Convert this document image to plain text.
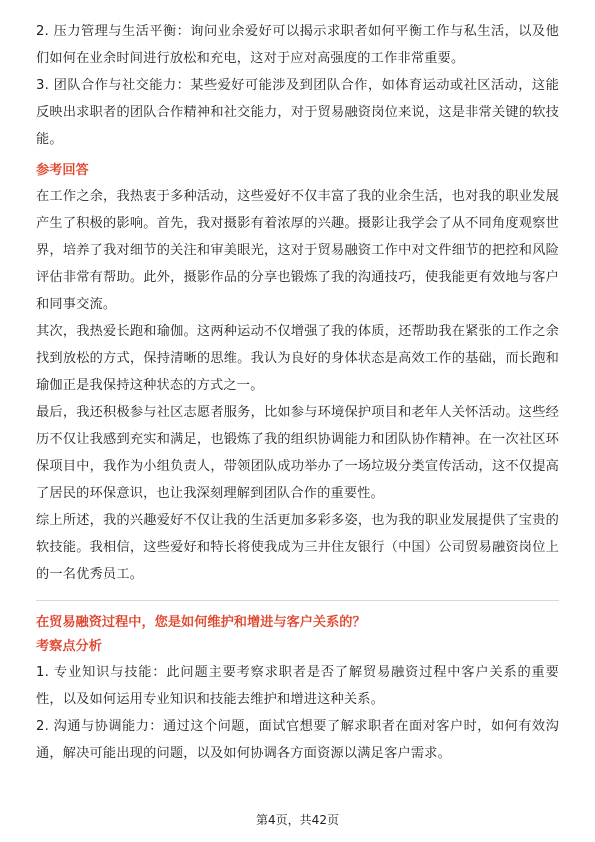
2. 压力管理与生活平衡：询问业余爱好可以揭示求职者如何平衡工作与私生活，以及他们如何在业余时间进行放松和充电，这对于应对高强度的工作非常重要。

3. 团队合作与社交能力：某些爱好可能涉及到团队合作，如体育运动或社区活动，这能反映出求职者的团队合作精神和社交能力，对于贸易融资岗位来说，这是非常关键的软技能。

参考回答

在工作之余，我热衷于多种活动，这些爱好不仅丰富了我的业余生活，也对我的职业发展产生了积极的影响。首先，我对摄影有着浓厚的兴趣。摄影让我学会了从不同角度观察世界，培养了我对细节的关注和审美眼光，这对于贸易融资工作中对文件细节的把控和风险评估非常有帮助。此外，摄影作品的分享也锻炼了我的沟通技巧，使我能更有效地与客户和同事交流。

其次，我热爱长跑和瑜伽。这两种运动不仅增强了我的体质，还帮助我在紧张的工作之余找到放松的方式，保持清晰的思维。我认为良好的身体状态是高效工作的基础，而长跑和瑜伽正是我保持这种状态的方式之一。

最后，我还积极参与社区志愿者服务，比如参与环境保护项目和老年人关怀活动。这些经历不仅让我感到充实和满足，也锻炼了我的组织协调能力和团队协作精神。在一次社区环保项目中，我作为小组负责人，带领团队成功举办了一场垃圾分类宣传活动，这不仅提高了居民的环保意识，也让我深刻理解到团队合作的重要性。

综上所述，我的兴趣爱好不仅让我的生活更加多彩多姿，也为我的职业发展提供了宝贵的软技能。我相信，这些爱好和特长将使我成为三井住友银行（中国）公司贸易融资岗位上的一名优秀员工。

在贸易融资过程中，您是如何维护和增进与客户关系的？

考察点分析

1. 专业知识与技能：此问题主要考察求职者是否了解贸易融资过程中客户关系的重要性，以及如何运用专业知识和技能去维护和增进这种关系。

2. 沟通与协调能力：通过这个问题，面试官想要了解求职者在面对客户时，如何有效沟通，解决可能出现的问题，以及如何协调各方面资源以满足客户需求。

第4页，共42页
